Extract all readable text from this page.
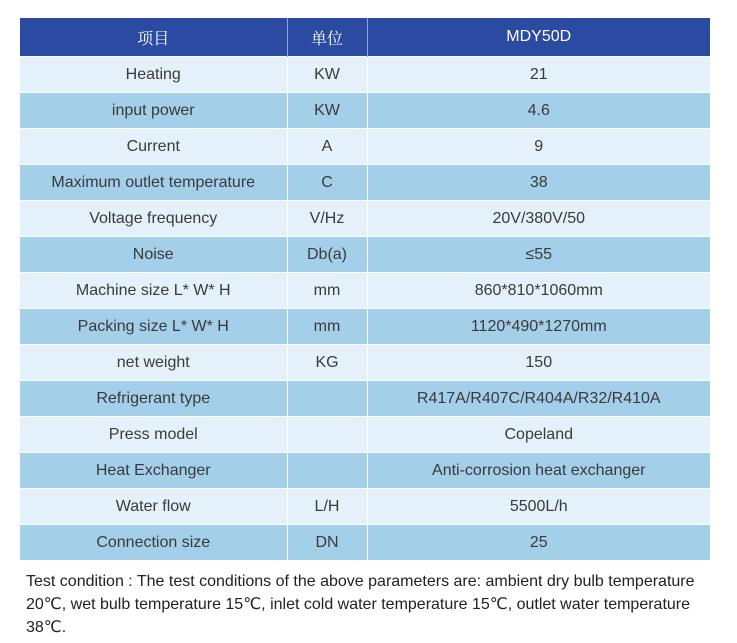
项目	单位	MDY50D
Heating	KW	21
input power	KW	4.6
Current	A	9
Maximum outlet temperature	C	38
Voltage frequency	V/Hz	20V/380V/50
Noise	Db(a)	≤55
Machine size L* W* H	mm	860*810*1060mm
Packing size L* W* H	mm	1120*490*1270mm
net weight	KG	150
Refrigerant type		R417A/R407C/R404A/R32/R410A
Press model		Copeland
Heat Exchanger		Anti-corrosion heat exchanger
Water flow	L/H	5500L/h
Connection size	DN	25

Test condition : The test conditions of the above parameters are: ambient dry bulb temperature 20℃, wet bulb temperature 15℃, inlet cold water temperature 15℃, outlet water temperature 38℃.
